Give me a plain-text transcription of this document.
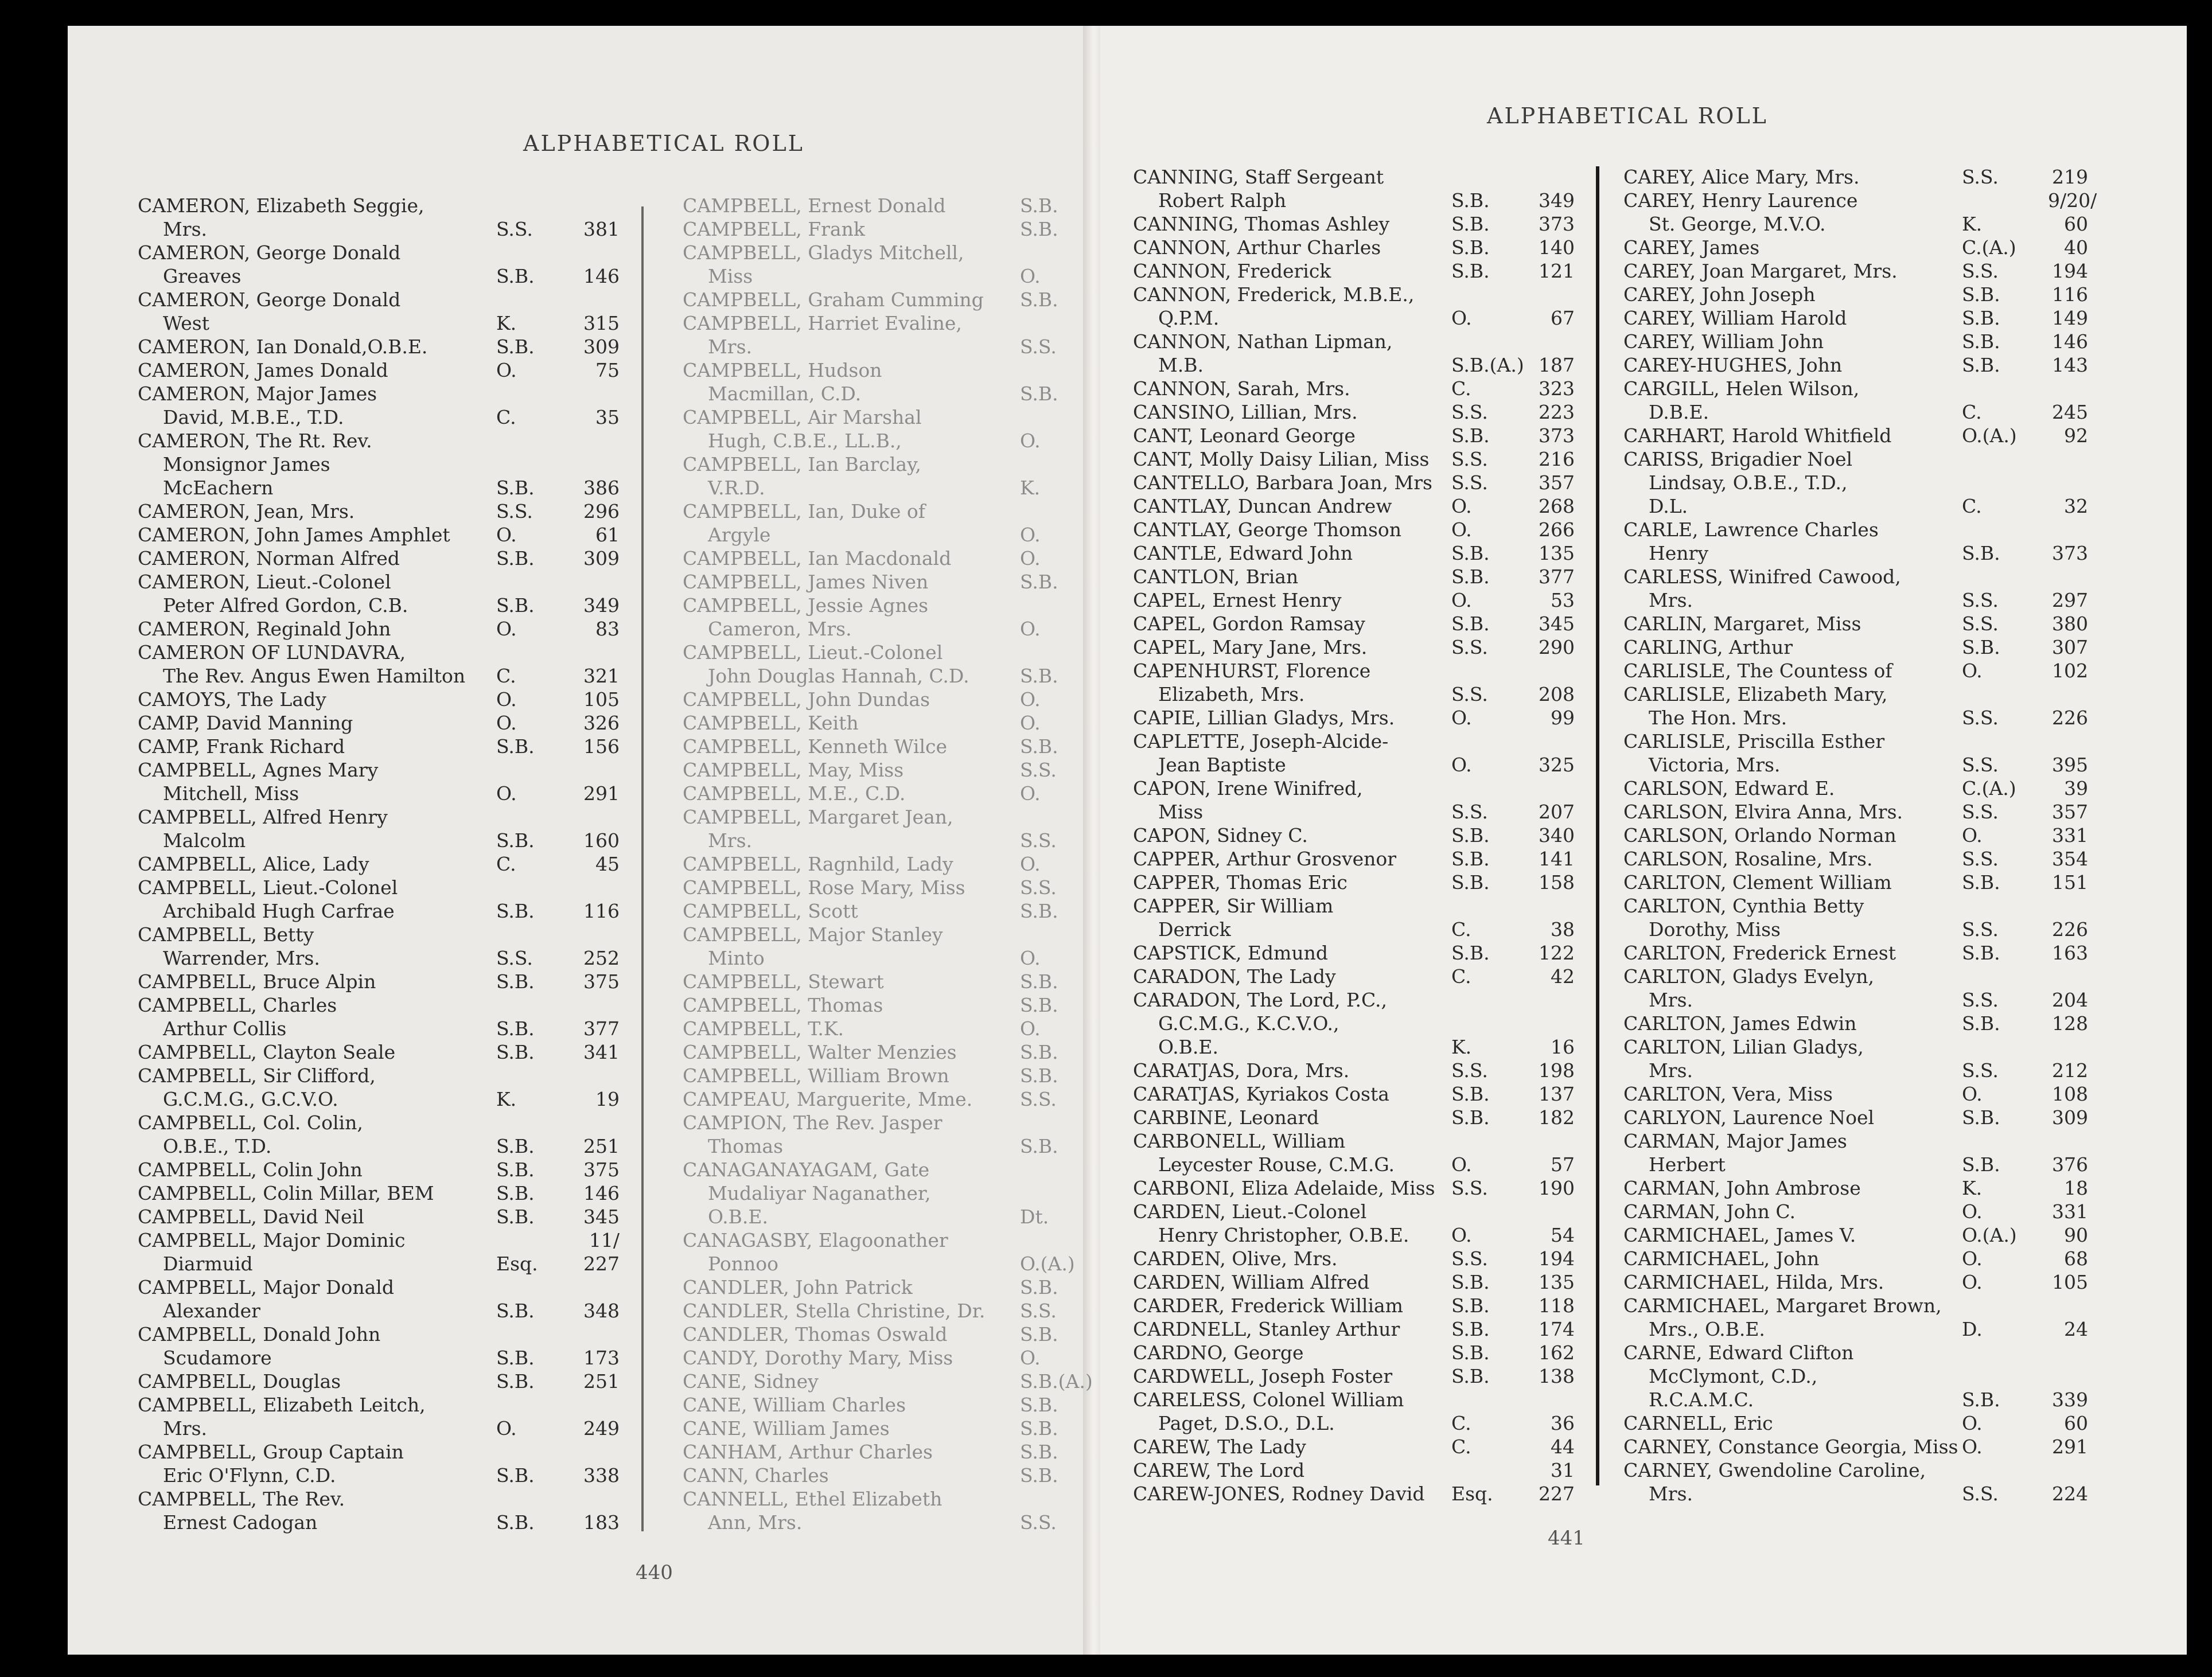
ALPHABETICAL ROLL
ALPHABETICAL ROLL
CAMERON, Elizabeth Seggie,
Mrs.	S.S.	381
CAMERON, George Donald
Greaves	S.B.	146
CAMERON, George Donald
West	K.	315
CAMERON, Ian Donald,O.B.E.	S.B.	309
CAMERON, James Donald	O.	75
CAMERON, Major James
David, M.B.E., T.D.	C.	35
CAMERON, The Rt. Rev.
Monsignor James
McEachern	S.B.	386
CAMERON, Jean, Mrs.	S.S.	296
CAMERON, John James Amphlet O.	61
CAMERON, Norman Alfred	S.B.	309
CAMERON, Lieut.-Colonel
Peter Alfred Gordon, C.B.	S.B.	349
CAMERON, Reginald John	O.	83
CAMERON OF LUNDAVRA,
The Rev. Angus Ewen Hamilton C.	321
CAMOYS, The Lady	O.	105
CAMP, David Manning	O.	326
CAMP, Frank Richard	S.B.	156
CAMPBELL, Agnes Mary
Mitchell, Miss	O.	291
CAMPBELL, Alfred Henry
Malcolm	S.B.	160
CAMPBELL, Alice, Lady	C.	45
CAMPBELL, Lieut.-Colonel
Archibald Hugh Carfrae	S.B.	116
CAMPBELL, Betty
Warrender, Mrs.	S.S.	252
CAMPBELL, Bruce Alpin	S.B.	375
CAMPBELL, Charles
Arthur Collis	S.B.	377
CAMPBELL, Clayton Seale	S.B.	341
CAMPBELL, Sir Clifford,
G.C.M.G., G.C.V.O.	K.	19
CAMPBELL, Col. Colin,
O.B.E., T.D.	S.B.	251
CAMPBELL, Colin John	S.B.	375
CAMPBELL, Colin Millar, BEM	S.B.	146
CAMPBELL, David Neil	S.B.	345
CAMPBELL, Major Dominic	11/
Diarmuid	Esq. 227
CAMPBELL, Major Donald
Alexander	S.B.	348
CAMPBELL, Donald John
Scudamore	S.B.	173
CAMPBELL, Douglas	S.B.	251
CAMPBELL, Elizabeth Leitch,
Mrs.	O.	249
CAMPBELL, Group Captain
Eric O'Flynn, C.D.	S.B.	338
CAMPBELL, The Rev.
Ernest Cadogan	S.B.	183
CAMPBELL, Ernest Donald	S.B.
CAMPBELL, Frank	S.B.
CAMPBELL, Gladys Mitchell,
Miss	O.
CAMPBELL, Graham Cumming S.B.
CAMPBELL, Harriet Evaline,
Mrs.	S.S.
CAMPBELL, Hudson
Macmillan, C.D.	S.B.
CAMPBELL, Air Marshal
Hugh, C.B.E., LL.B.,	O.
CAMPBELL, Ian Barclay,
V.R.D.	K.
CAMPBELL, Ian, Duke of
Argyle	O.
CAMPBELL, Ian Macdonald	O.
CAMPBELL, James Niven	S.B.
CAMPBELL, Jessie Agnes
Cameron, Mrs.	O.
CAMPBELL, Lieut.-Colonel
John Douglas Hannah, C.D.	S.B.
CAMPBELL, John Dundas	O.
CAMPBELL, Keith	O.
CAMPBELL, Kenneth Wilce	S.B.
CAMPBELL, May, Miss	S.S.
CAMPBELL, M.E., C.D.	O.
CAMPBELL, Margaret Jean,
Mrs.	S.S.
CAMPBELL, Ragnhild, Lady	O.
CAMPBELL, Rose Mary, Miss	S.S.
CAMPBELL, Scott	S.B.
CAMPBELL, Major Stanley
Minto	O.
CAMPBELL, Stewart	S.B.
CAMPBELL, Thomas	S.B.
CAMPBELL, T.K.	O.
CAMPBELL, Walter Menzies	S.B.
CAMPBELL, William Brown	S.B.
CAMPEAU, Marguerite, Mme.	S.S.
CAMPION, The Rev. Jasper
Thomas	S.B.
CANAGANAYAGAM, Gate
Mudaliyar Naganather,
O.B.E.	Dt.
CANAGASBY, Elagoonather
Ponnoo	O.(A.)
CANDLER, John Patrick	S.B.
CANDLER, Stella Christine, Dr. S.S.
CANDLER, Thomas Oswald	S.B.
CANDY, Dorothy Mary, Miss	O.
CANE, Sidney	S.B.(A.)
CANE, William Charles	S.B.
CANE, William James	S.B.
CANHAM, Arthur Charles	S.B.
CANN, Charles	S.B.
CANNELL, Ethel Elizabeth
Ann, Mrs.	S.S.
CANNING, Staff Sergeant
Robert Ralph	S.B.	349
CANNING, Thomas Ashley	S.B.	373
CANNON, Arthur Charles	S.B.	140
CANNON, Frederick	S.B.	121
CANNON, Frederick, M.B.E.,
Q.P.M.	O.	67
CANNON, Nathan Lipman,
M.B.	S.B.(A.) 187
CANNON, Sarah, Mrs.	C.	323
CANSINO, Lillian, Mrs.	S.S.	223
CANT, Leonard George	S.B.	373
CANT, Molly Daisy Lilian, Miss S.S.	216
CANTELLO, Barbara Joan, Mrs S.S.	357
CANTLAY, Duncan Andrew	O.	268
CANTLAY, George Thomson	O.	266
CANTLE, Edward John	S.B.	135
CANTLON, Brian	S.B.	377
CAPEL, Ernest Henry	O.	53
CAPEL, Gordon Ramsay	S.B.	345
CAPEL, Mary Jane, Mrs.	S.S.	290
CAPENHURST, Florence
Elizabeth, Mrs.	S.S.	208
CAPIE, Lillian Gladys, Mrs.	O.	99
CAPLETTE, Joseph-Alcide-
Jean Baptiste	O.	325
CAPON, Irene Winifred,
Miss	S.S.	207
CAPON, Sidney C.	S.B.	340
CAPPER, Arthur Grosvenor	S.B.	141
CAPPER, Thomas Eric	S.B.	158
CAPPER, Sir William
Derrick	C.	38
CAPSTICK, Edmund	S.B.	122
CARADON, The Lady	C.	42
CARADON, The Lord, P.C.,
G.C.M.G., K.C.V.O.,
O.B.E.	K.	16
CARATJAS, Dora, Mrs.	S.S.	198
CARATJAS, Kyriakos Costa	S.B.	137
CARBINE, Leonard	S.B.	182
CARBONELL, William
Leycester Rouse, C.M.G.	O.	57
CARBONI, Eliza Adelaide, Miss S.S.	190
CARDEN, Lieut.-Colonel
Henry Christopher, O.B.E. O.	54
CARDEN, Olive, Mrs.	S.S.	194
CARDEN, William Alfred	S.B.	135
CARDER, Frederick William	S.B.	118
CARDNELL, Stanley Arthur	S.B.	174
CARDNO, George	S.B.	162
CARDWELL, Joseph Foster	S.B.	138
CARELESS, Colonel William
Paget, D.S.O., D.L.	C.	36
CAREW, The Lady	C.	44
CAREW, The Lord	31
CAREW-JONES, Rodney David Esq. 227
CAREY, Alice Mary, Mrs.	S.S.	219
CAREY, Henry Laurence	9/20/
St. George, M.V.O.	K.	60
CAREY, James	C.(A.)	40
CAREY, Joan Margaret, Mrs.	S.S.	194
CAREY, John Joseph	S.B.	116
CAREY, William Harold	S.B.	149
CAREY, William John	S.B.	146
CAREY-HUGHES, John	S.B.	143
CARGILL, Helen Wilson,
D.B.E.	C.	245
CARHART, Harold Whitfield	O.(A.)	92
CARISS, Brigadier Noel
Lindsay, O.B.E., T.D.,
D.L.	C.	32
CARLE, Lawrence Charles
Henry	S.B.	373
CARLESS, Winifred Cawood,
Mrs.	S.S.	297
CARLIN, Margaret, Miss	S.S.	380
CARLING, Arthur	S.B.	307
CARLISLE, The Countess of	O.	102
CARLISLE, Elizabeth Mary,
The Hon. Mrs.	S.S.	226
CARLISLE, Priscilla Esther
Victoria, Mrs.	S.S.	395
CARLSON, Edward E.	C.(A.)	39
CARLSON, Elvira Anna, Mrs.	S.S.	357
CARLSON, Orlando Norman	O.	331
CARLSON, Rosaline, Mrs.	S.S.	354
CARLTON, Clement William	S.B.	151
CARLTON, Cynthia Betty
Dorothy, Miss	S.S.	226
CARLTON, Frederick Ernest	S.B.	163
CARLTON, Gladys Evelyn,
Mrs.	S.S.	204
CARLTON, James Edwin	S.B.	128
CARLTON, Lilian Gladys,
Mrs.	S.S.	212
CARLTON, Vera, Miss	O.	108
CARLYON, Laurence Noel	S.B.	309
CARMAN, Major James
Herbert	S.B.	376
CARMAN, John Ambrose	K.	18
CARMAN, John C.	O.	331
CARMICHAEL, James V.	O.(A.)	90
CARMICHAEL, John	O.	68
CARMICHAEL, Hilda, Mrs.	O.	105
CARMICHAEL, Margaret Brown,
Mrs., O.B.E.	D.	24
CARNE, Edward Clifton
McClymont, C.D.,
R.C.A.M.C.	S.B.	339
CARNELL, Eric	O.	60
CARNEY, Constance Georgia, Miss O.	291
CARNEY, Gwendoline Caroline,
Mrs.	S.S.	224
440
441
